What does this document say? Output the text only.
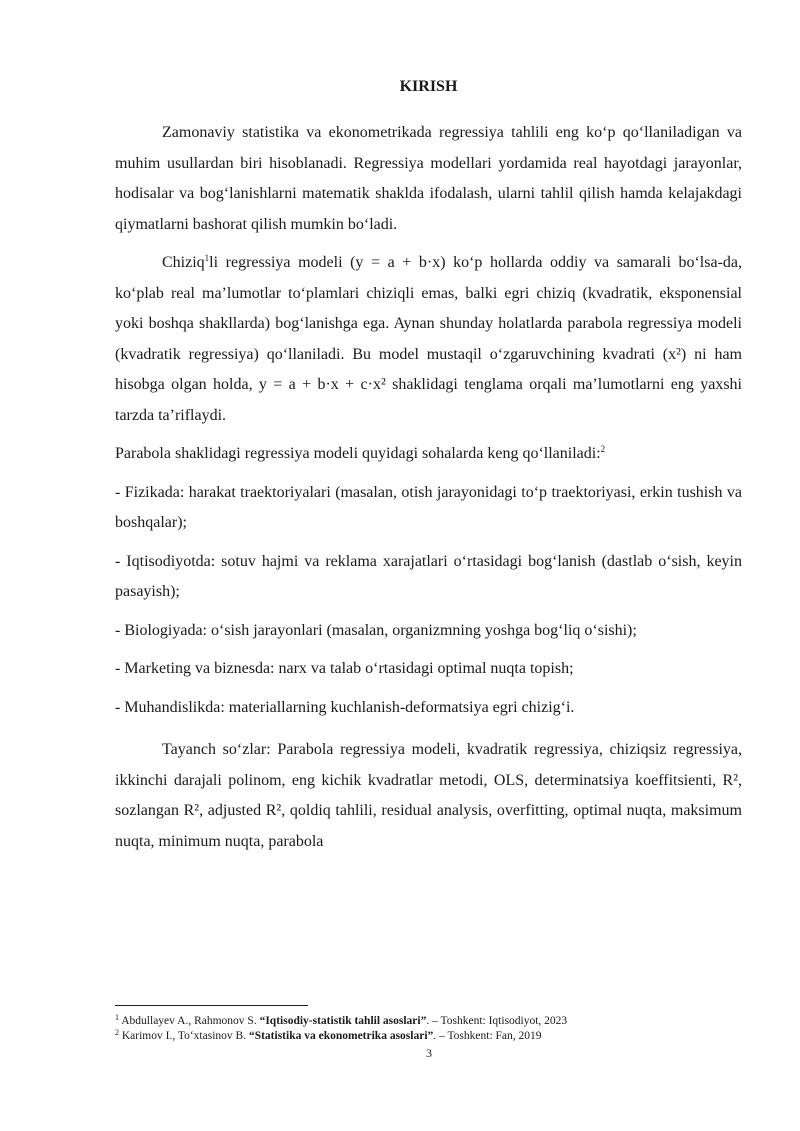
KIRISH

Zamonaviy statistika va ekonometrikada regressiya tahlili eng ko‘p qo‘llaniladigan va muhim usullardan biri hisoblanadi. Regressiya modellari yordamida real hayotdagi jarayonlar, hodisalar va bog‘lanishlarni matematik shaklda ifodalash, ularni tahlil qilish hamda kelajakdagi qiymatlarni bashorat qilish mumkin bo‘ladi.

Chiziq$^1$li regressiya modeli (y = a + b·x) ko‘p hollarda oddiy va samarali bo‘lsa-da, ko‘plab real ma’lumotlar to‘plamlari chiziqli emas, balki egri chiziq (kvadratik, eksponensial yoki boshqa shakllarda) bog‘lanishga ega. Aynan shunday holatlarda parabola regressiya modeli (kvadratik regressiya) qo‘llaniladi. Bu model mustaqil o‘zgaruvchining kvadrati (x²) ni ham hisobga olgan holda, y = a + b·x + c·x² shaklidagi tenglama orqali ma’lumotlarni eng yaxshi tarzda ta’riflaydi.

Parabola shaklidagi regressiya modeli quyidagi sohalarda keng qo‘llaniladi:$^2$

- Fizikada: harakat traektoriyalari (masalan, otish jarayonidagi to‘p traektoriyasi, erkin tushish va boshqalar);

- Iqtisodiyotda: sotuv hajmi va reklama xarajatlari o‘rtasidagi bog‘lanish (dastlab o‘sish, keyin pasayish);

- Biologiyada: o‘sish jarayonlari (masalan, organizmning yoshga bog‘liq o‘sishi);

- Marketing va biznesda: narx va talab o‘rtasidagi optimal nuqta topish;

- Muhandislikda: materiallarning kuchlanish-deformatsiya egri chizig‘i.

Tayanch so‘zlar: Parabola regressiya modeli, kvadratik regressiya, chiziqsiz regressiya, ikkinchi darajali polinom, eng kichik kvadratlar metodi, OLS, determinatsiya koeffitsienti, R², sozlangan R², adjusted R², qoldiq tahlili, residual analysis, overfitting, optimal nuqta, maksimum nuqta, minimum nuqta, parabola

$^1$ Abdullayev A., Rahmonov S. “Iqtisodiy-statistik tahlil asoslari”. – Toshkent: Iqtisodiyot, 2023

$^2$ Karimov I., To‘xtasinov B. “Statistika va ekonometrika asoslari”. – Toshkent: Fan, 2019

3
